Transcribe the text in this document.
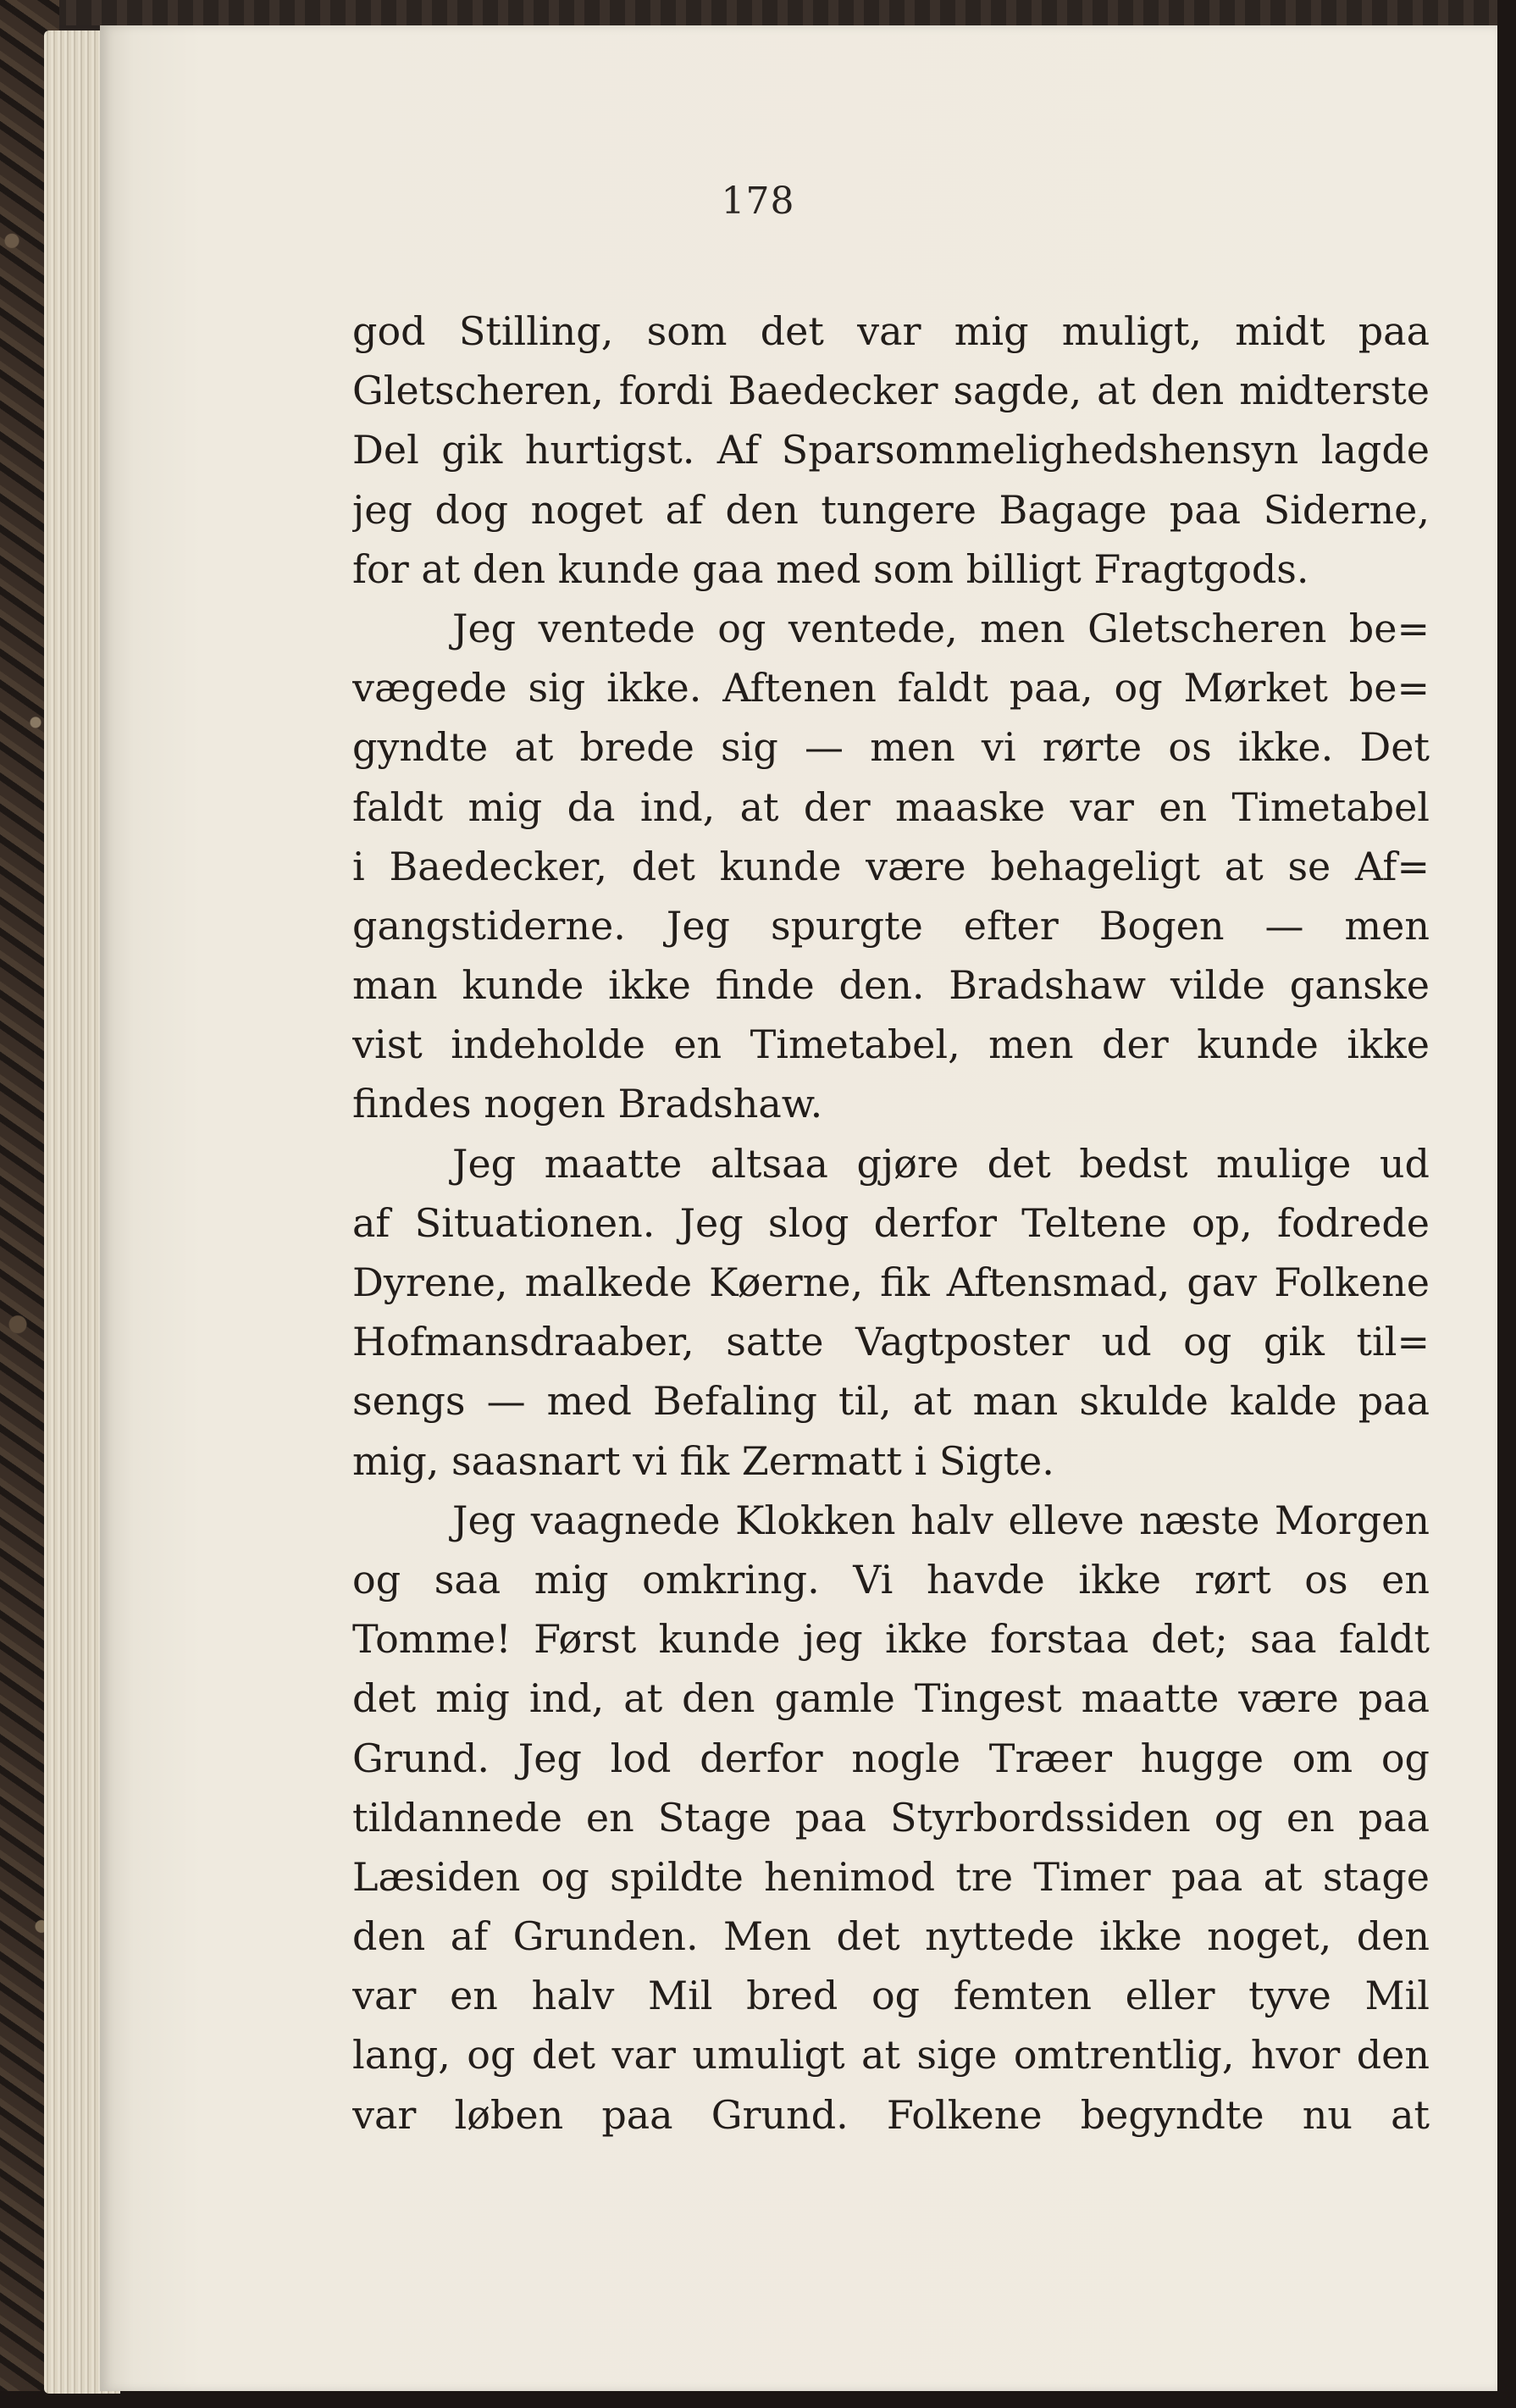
178
god Stilling, som det var mig muligt, midt paa
Gletscheren, fordi Baedecker sagde, at den midterste
Del gik hurtigst. Af Sparsommelighedshensyn lagde
jeg dog noget af den tungere Bagage paa Siderne,
for at den kunde gaa med som billigt Fragtgods.
Jeg ventede og ventede, men Gletscheren be=
vægede sig ikke. Aftenen faldt paa, og Mørket be=
gyndte at brede sig — men vi rørte os ikke. Det
faldt mig da ind, at der maaske var en Timetabel
i Baedecker, det kunde være behageligt at se Af=
gangstiderne. Jeg spurgte efter Bogen — men
man kunde ikke finde den. Bradshaw vilde ganske
vist indeholde en Timetabel, men der kunde ikke
findes nogen Bradshaw.
Jeg maatte altsaa gjøre det bedst mulige ud
af Situationen. Jeg slog derfor Teltene op, fodrede
Dyrene, malkede Køerne, fik Aftensmad, gav Folkene
Hofmansdraaber, satte Vagtposter ud og gik til=
sengs — med Befaling til, at man skulde kalde paa
mig, saasnart vi fik Zermatt i Sigte.
Jeg vaagnede Klokken halv elleve næste Morgen
og saa mig omkring. Vi havde ikke rørt os en
Tomme! Først kunde jeg ikke forstaa det; saa faldt
det mig ind, at den gamle Tingest maatte være paa
Grund. Jeg lod derfor nogle Træer hugge om og
tildannede en Stage paa Styrbordssiden og en paa
Læsiden og spildte henimod tre Timer paa at stage
den af Grunden. Men det nyttede ikke noget, den
var en halv Mil bred og femten eller tyve Mil
lang, og det var umuligt at sige omtrentlig, hvor den
var løben paa Grund. Folkene begyndte nu at
